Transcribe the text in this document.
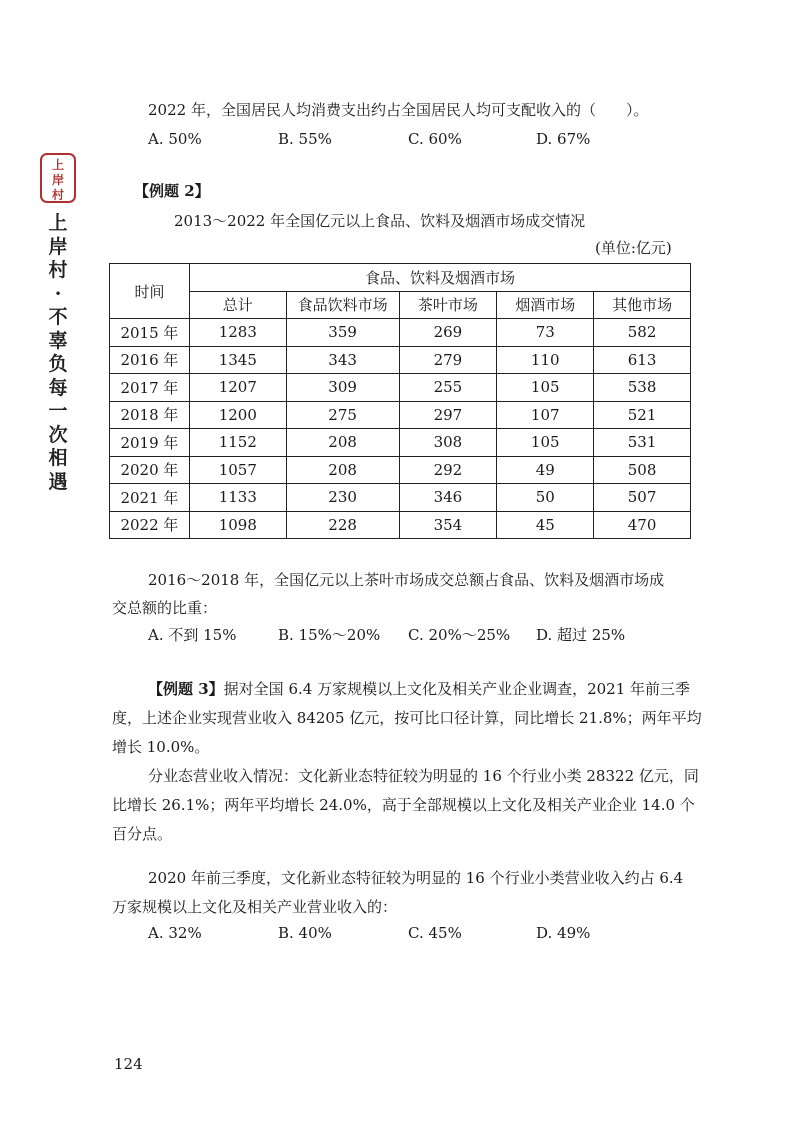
上
岸
村
上
岸
村
·
不
辜
负
每
一
次
相
遇
2022 年，全国居民人均消费支出约占全国居民人均可支配收入的（　　）。
A. 50%	B. 55%	C. 60%	D. 67%
【例题 2】
2013～2022 年全国亿元以上食品、饮料及烟酒市场成交情况
(单位:亿元)
时间	食品、饮料及烟酒市场				
	总计	食品饮料市场	茶叶市场	烟酒市场	其他市场
2015 年	1283	359	269	73	582
2016 年	1345	343	279	110	613
2017 年	1207	309	255	105	538
2018 年	1200	275	297	107	521
2019 年	1152	208	308	105	531
2020 年	1057	208	292	49	508
2021 年	1133	230	346	50	507
2022 年	1098	228	354	45	470
2016～2018 年，全国亿元以上茶叶市场成交总额占食品、饮料及烟酒市场成
交总额的比重：
A. 不到 15%	B. 15%～20% C. 20%～25% D. 超过 25%
【例题 3】据对全国 6.4 万家规模以上文化及相关产业企业调查，2021 年前三季度，上述企业实现营业收入 84205 亿元，按可比口径计算，同比增长 21.8%；两年平均增长 10.0%。
分业态营业收入情况：文化新业态特征较为明显的 16 个行业小类 28322 亿元，同比增长 26.1%；两年平均增长 24.0%，高于全部规模以上文化及相关产业企业 14.0 个百分点。
2020 年前三季度，文化新业态特征较为明显的 16 个行业小类营业收入约占 6.4 万家规模以上文化及相关产业营业收入的：
A. 32%	B. 40%	C. 45%	D. 49%
124
